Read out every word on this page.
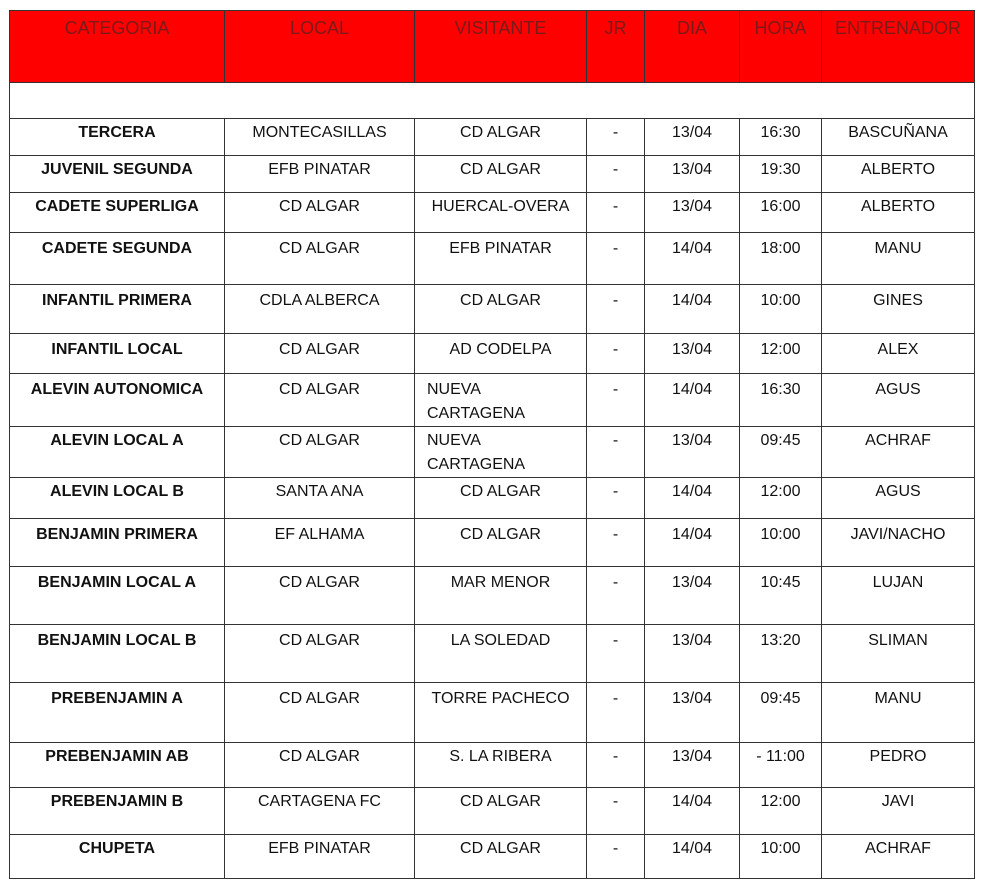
CATEGORIA	LOCAL	VISITANTE	JR	DIA	HORA	ENTRENADOR

TERCERA	MONTECASILLAS	CD ALGAR	-	13/04	16:30	BASCUÑANA

JUVENIL SEGUNDA	EFB PINATAR	CD ALGAR	-	13/04	19:30	ALBERTO

CADETE SUPERLIGA	CD ALGAR	HUERCAL-OVERA	-	13/04	16:00	ALBERTO

CADETE SEGUNDA	CD ALGAR	EFB PINATAR	-	14/04	18:00	MANU

INFANTIL PRIMERA	CDLA ALBERCA	CD ALGAR	-	14/04	10:00	GINES

INFANTIL LOCAL	CD ALGAR	AD CODELPA	-	13/04	12:00	ALEX

ALEVIN AUTONOMICA	CD ALGAR	NUEVA CARTAGENA	-	14/04	16:30	AGUS

ALEVIN LOCAL A	CD ALGAR	NUEVA CARTAGENA	-	13/04	09:45	ACHRAF

ALEVIN LOCAL B	SANTA ANA	CD ALGAR	-	14/04	12:00	AGUS

BENJAMIN PRIMERA	EF ALHAMA	CD ALGAR	-	14/04	10:00	JAVI/NACHO

BENJAMIN LOCAL A	CD ALGAR	MAR MENOR	-	13/04	10:45	LUJAN

BENJAMIN LOCAL B	CD ALGAR	LA SOLEDAD	-	13/04	13:20	SLIMAN

PREBENJAMIN A	CD ALGAR	TORRE PACHECO	-	13/04	09:45	MANU

PREBENJAMIN AB	CD ALGAR	S. LA RIBERA	-	13/04	- 11:00	PEDRO

PREBENJAMIN B	CARTAGENA FC	CD ALGAR	-	14/04	12:00	JAVI

CHUPETA	EFB PINATAR	CD ALGAR	-	14/04	10:00	ACHRAF
